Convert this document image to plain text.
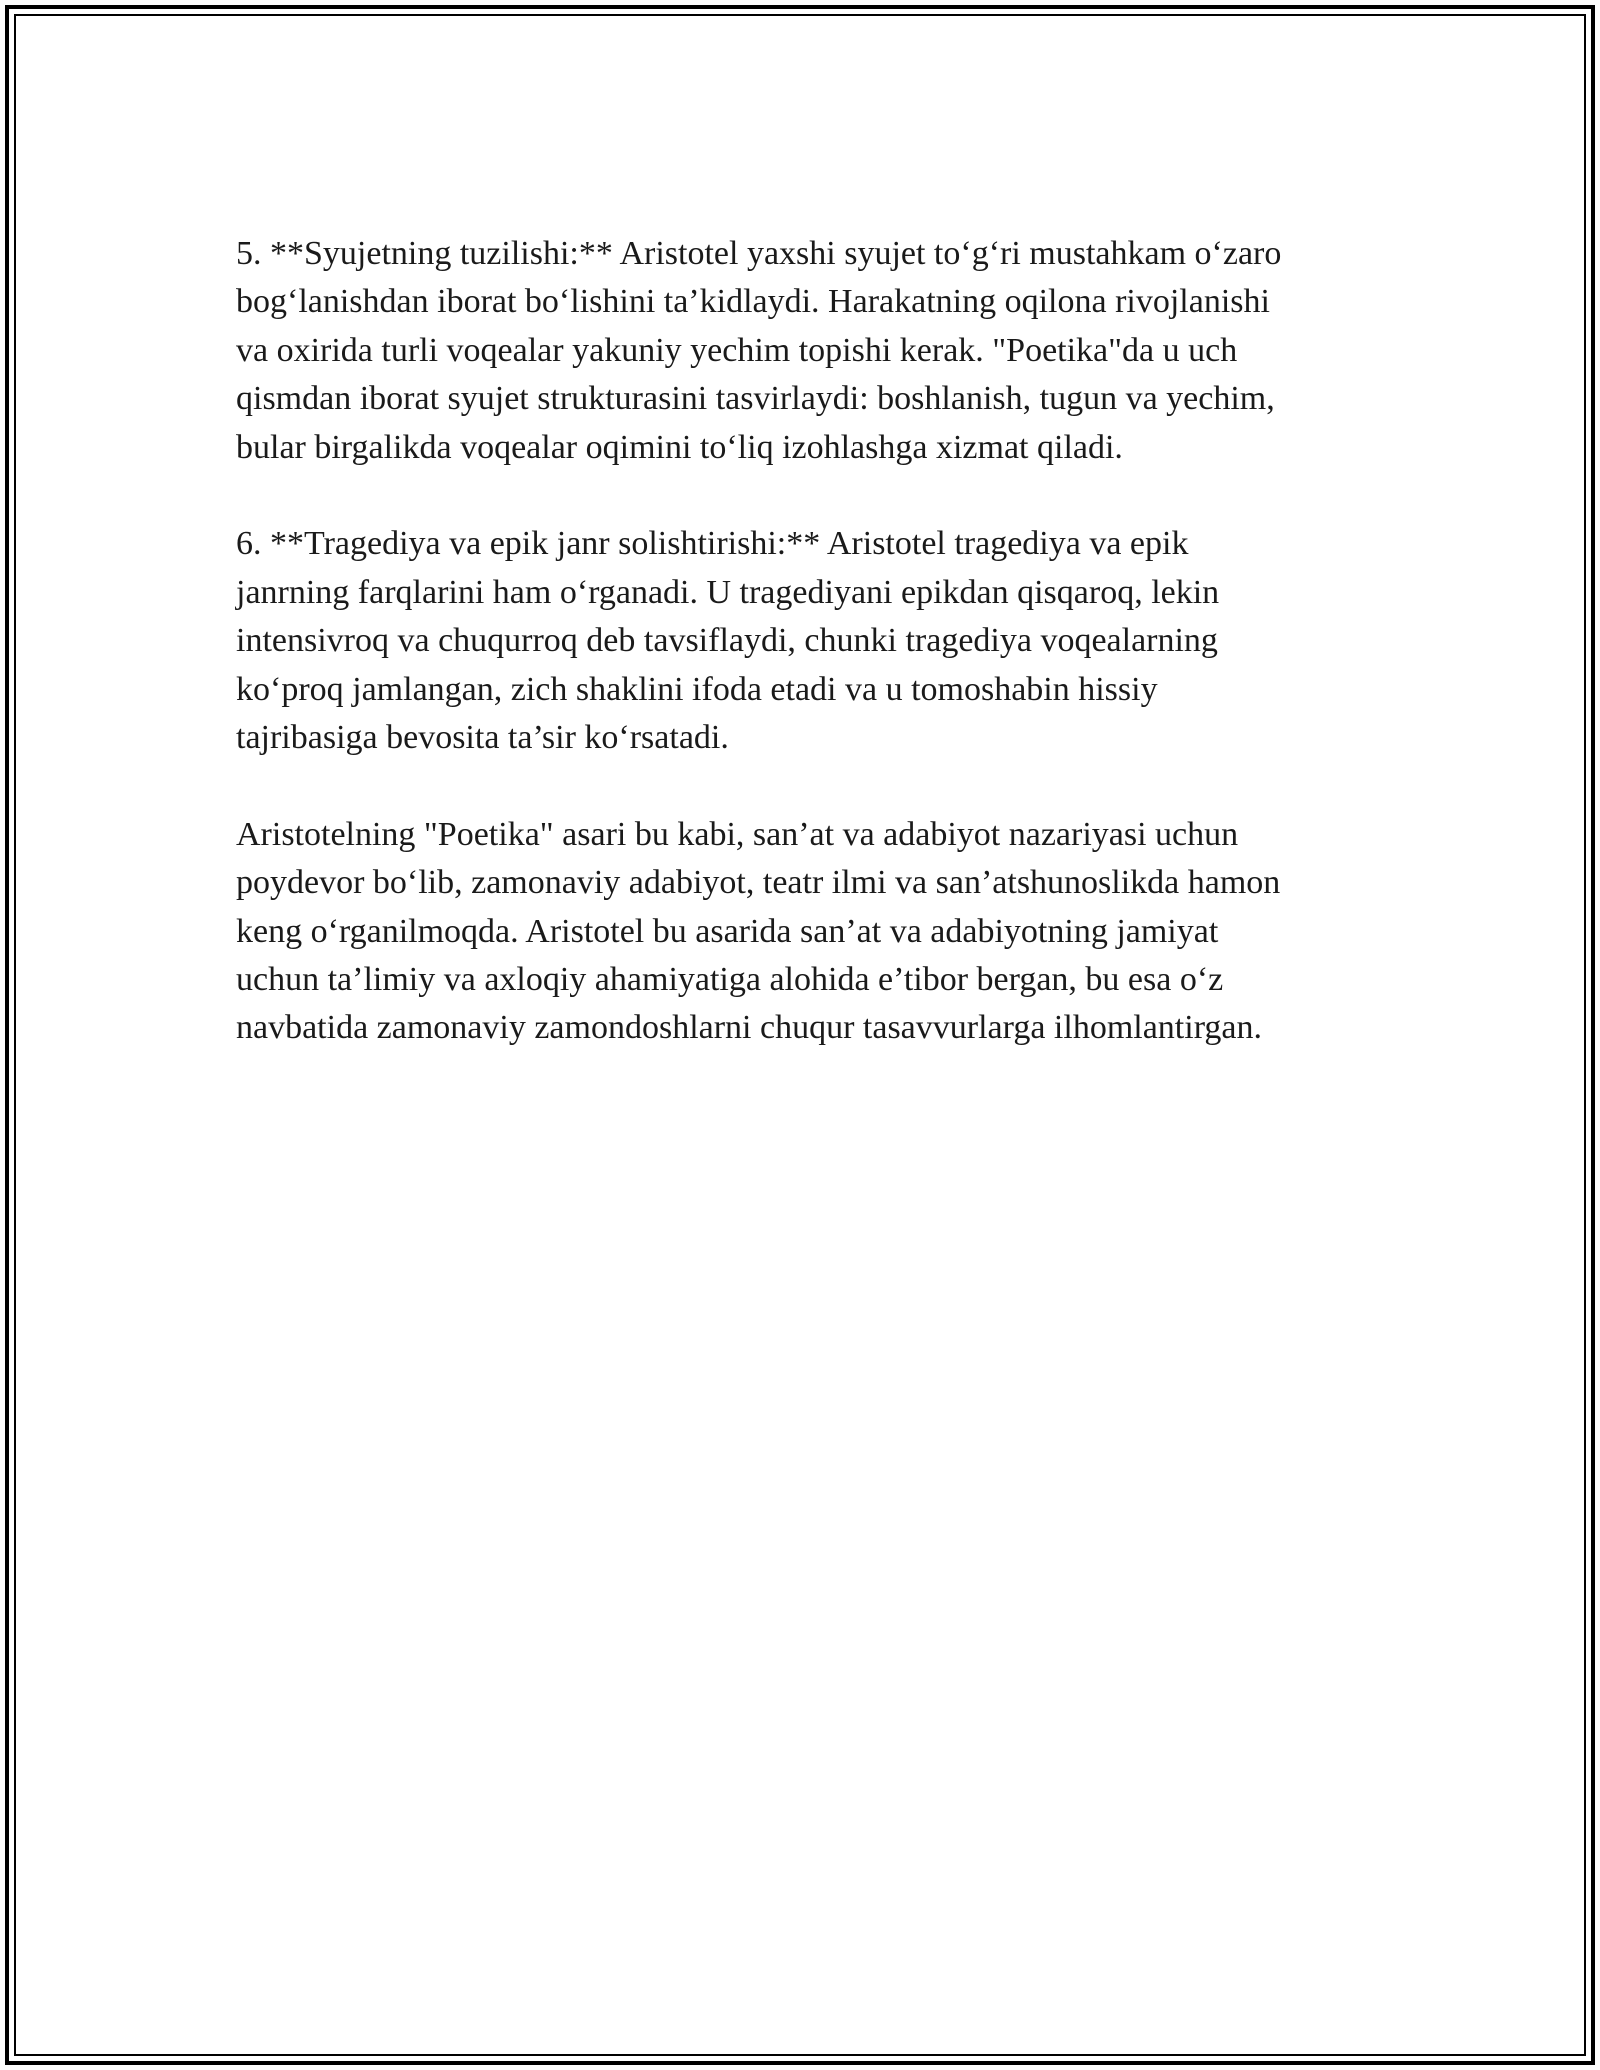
5. **Syujetning tuzilishi:** Aristotel yaxshi syujet to‘g‘ri mustahkam o‘zaro
bog‘lanishdan iborat bo‘lishini ta’kidlaydi. Harakatning oqilona rivojlanishi
va oxirida turli voqealar yakuniy yechim topishi kerak. "Poetika"da u uch
qismdan iborat syujet strukturasini tasvirlaydi: boshlanish, tugun va yechim,
bular birgalikda voqealar oqimini to‘liq izohlashga xizmat qiladi.

6. **Tragediya va epik janr solishtirishi:** Aristotel tragediya va epik
janrning farqlarini ham o‘rganadi. U tragediyani epikdan qisqaroq, lekin
intensivroq va chuqurroq deb tavsiflaydi, chunki tragediya voqealarning
ko‘proq jamlangan, zich shaklini ifoda etadi va u tomoshabin hissiy
tajribasiga bevosita ta’sir ko‘rsatadi.

Aristotelning "Poetika" asari bu kabi, san’at va adabiyot nazariyasi uchun
poydevor bo‘lib, zamonaviy adabiyot, teatr ilmi va san’atshunoslikda hamon
keng o‘rganilmoqda. Aristotel bu asarida san’at va adabiyotning jamiyat
uchun ta’limiy va axloqiy ahamiyatiga alohida e’tibor bergan, bu esa o‘z
navbatida zamonaviy zamondoshlarni chuqur tasavvurlarga ilhomlantirgan.
